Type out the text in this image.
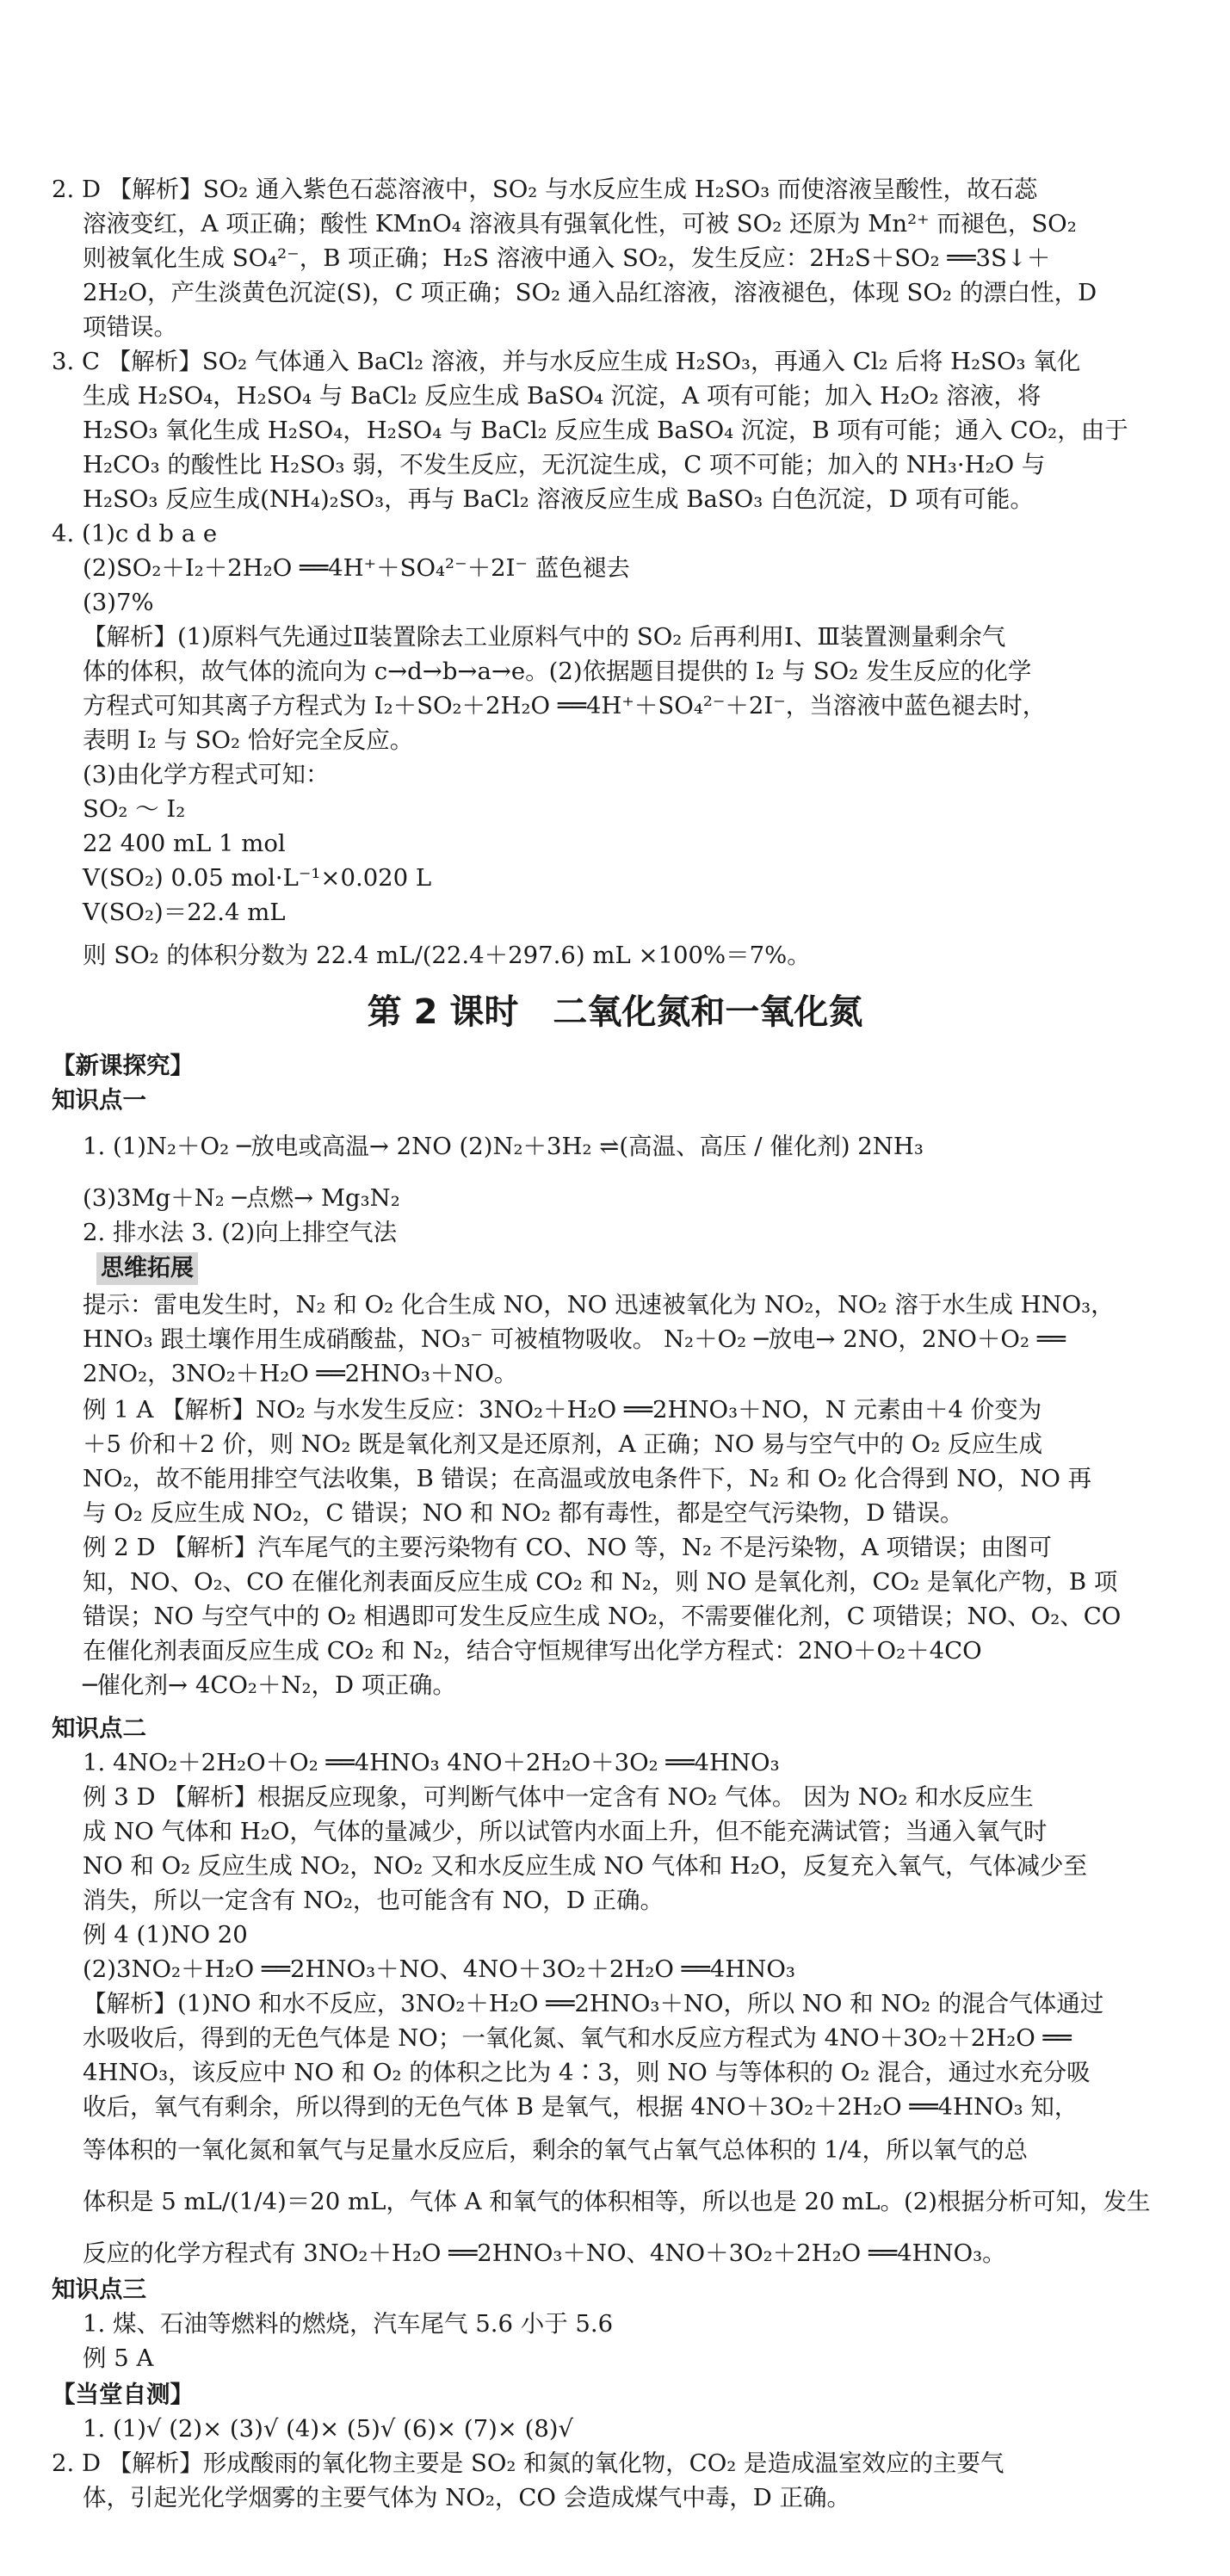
2. D 【解析】SO₂ 通入紫色石蕊溶液中，SO₂ 与水反应生成 H₂SO₃ 而使溶液呈酸性，故石蕊
溶液变红，A 项正确；酸性 KMnO₄ 溶液具有强氧化性，可被 SO₂ 还原为 Mn²⁺ 而褪色，SO₂
则被氧化生成 SO₄²⁻，B 项正确；H₂S 溶液中通入 SO₂，发生反应：2H₂S＋SO₂ ══3S↓＋
2H₂O，产生淡黄色沉淀(S)，C 项正确；SO₂ 通入品红溶液，溶液褪色，体现 SO₂ 的漂白性，D
项错误。
3. C 【解析】SO₂ 气体通入 BaCl₂ 溶液，并与水反应生成 H₂SO₃，再通入 Cl₂ 后将 H₂SO₃ 氧化
生成 H₂SO₄，H₂SO₄ 与 BaCl₂ 反应生成 BaSO₄ 沉淀，A 项有可能；加入 H₂O₂ 溶液，将
H₂SO₃ 氧化生成 H₂SO₄，H₂SO₄ 与 BaCl₂ 反应生成 BaSO₄ 沉淀，B 项有可能；通入 CO₂，由于
H₂CO₃ 的酸性比 H₂SO₃ 弱，不发生反应，无沉淀生成，C 项不可能；加入的 NH₃·H₂O 与
H₂SO₃ 反应生成(NH₄)₂SO₃，再与 BaCl₂ 溶液反应生成 BaSO₃ 白色沉淀，D 项有可能。
4. (1)c d b a e
(2)SO₂＋I₂＋2H₂O ══4H⁺＋SO₄²⁻＋2I⁻ 蓝色褪去
(3)7%
【解析】(1)原料气先通过Ⅱ装置除去工业原料气中的 SO₂ 后再利用Ⅰ、Ⅲ装置测量剩余气
体的体积，故气体的流向为 c→d→b→a→e。(2)依据题目提供的 I₂ 与 SO₂ 发生反应的化学
方程式可知其离子方程式为 I₂＋SO₂＋2H₂O ══4H⁺＋SO₄²⁻＋2I⁻，当溶液中蓝色褪去时，
表明 I₂ 与 SO₂ 恰好完全反应。
(3)由化学方程式可知：
SO₂ ～ I₂
22 400 mL 1 mol
V(SO₂) 0.05 mol·L⁻¹×0.020 L
V(SO₂)＝22.4 mL
则 SO₂ 的体积分数为 22.4 mL/(22.4＋297.6) mL ×100%＝7%。
第 2 课时　二氧化氮和一氧化氮
【新课探究】
知识点一
1. (1)N₂＋O₂ ─放电或高温→ 2NO (2)N₂＋3H₂ ⇌(高温、高压 / 催化剂) 2NH₃
(3)3Mg＋N₂ ─点燃→ Mg₃N₂
2. 排水法 3. (2)向上排空气法
思维拓展
提示：雷电发生时，N₂ 和 O₂ 化合生成 NO，NO 迅速被氧化为 NO₂，NO₂ 溶于水生成 HNO₃，
HNO₃ 跟土壤作用生成硝酸盐，NO₃⁻ 可被植物吸收。 N₂＋O₂ ─放电→ 2NO，2NO＋O₂ ══
2NO₂，3NO₂＋H₂O ══2HNO₃＋NO。
例 1 A 【解析】NO₂ 与水发生反应：3NO₂＋H₂O ══2HNO₃＋NO，N 元素由＋4 价变为
＋5 价和＋2 价，则 NO₂ 既是氧化剂又是还原剂，A 正确；NO 易与空气中的 O₂ 反应生成
NO₂，故不能用排空气法收集，B 错误；在高温或放电条件下，N₂ 和 O₂ 化合得到 NO，NO 再
与 O₂ 反应生成 NO₂，C 错误；NO 和 NO₂ 都有毒性，都是空气污染物，D 错误。
例 2 D 【解析】汽车尾气的主要污染物有 CO、NO 等，N₂ 不是污染物，A 项错误；由图可
知，NO、O₂、CO 在催化剂表面反应生成 CO₂ 和 N₂，则 NO 是氧化剂，CO₂ 是氧化产物，B 项
错误；NO 与空气中的 O₂ 相遇即可发生反应生成 NO₂，不需要催化剂，C 项错误；NO、O₂、CO
在催化剂表面反应生成 CO₂ 和 N₂，结合守恒规律写出化学方程式：2NO＋O₂＋4CO
─催化剂→ 4CO₂＋N₂，D 项正确。
知识点二
1. 4NO₂＋2H₂O＋O₂ ══4HNO₃ 4NO＋2H₂O＋3O₂ ══4HNO₃
例 3 D 【解析】根据反应现象，可判断气体中一定含有 NO₂ 气体。 因为 NO₂ 和水反应生
成 NO 气体和 H₂O，气体的量减少，所以试管内水面上升，但不能充满试管；当通入氧气时
NO 和 O₂ 反应生成 NO₂，NO₂ 又和水反应生成 NO 气体和 H₂O，反复充入氧气，气体减少至
消失，所以一定含有 NO₂，也可能含有 NO，D 正确。
例 4 (1)NO 20
(2)3NO₂＋H₂O ══2HNO₃＋NO、4NO＋3O₂＋2H₂O ══4HNO₃
【解析】(1)NO 和水不反应，3NO₂＋H₂O ══2HNO₃＋NO，所以 NO 和 NO₂ 的混合气体通过
水吸收后，得到的无色气体是 NO；一氧化氮、氧气和水反应方程式为 4NO＋3O₂＋2H₂O ══
4HNO₃，该反应中 NO 和 O₂ 的体积之比为 4∶3，则 NO 与等体积的 O₂ 混合，通过水充分吸
收后，氧气有剩余，所以得到的无色气体 B 是氧气，根据 4NO＋3O₂＋2H₂O ══4HNO₃ 知，
等体积的一氧化氮和氧气与足量水反应后，剩余的氧气占氧气总体积的 1/4，所以氧气的总
体积是 5 mL/(1/4)＝20 mL，气体 A 和氧气的体积相等，所以也是 20 mL。(2)根据分析可知，发生
反应的化学方程式有 3NO₂＋H₂O ══2HNO₃＋NO、4NO＋3O₂＋2H₂O ══4HNO₃。
知识点三
1. 煤、石油等燃料的燃烧，汽车尾气 5.6 小于 5.6
例 5 A
【当堂自测】
1. (1)√ (2)× (3)√ (4)× (5)√ (6)× (7)× (8)√
2. D 【解析】形成酸雨的氧化物主要是 SO₂ 和氮的氧化物，CO₂ 是造成温室效应的主要气
体，引起光化学烟雾的主要气体为 NO₂，CO 会造成煤气中毒，D 正确。
